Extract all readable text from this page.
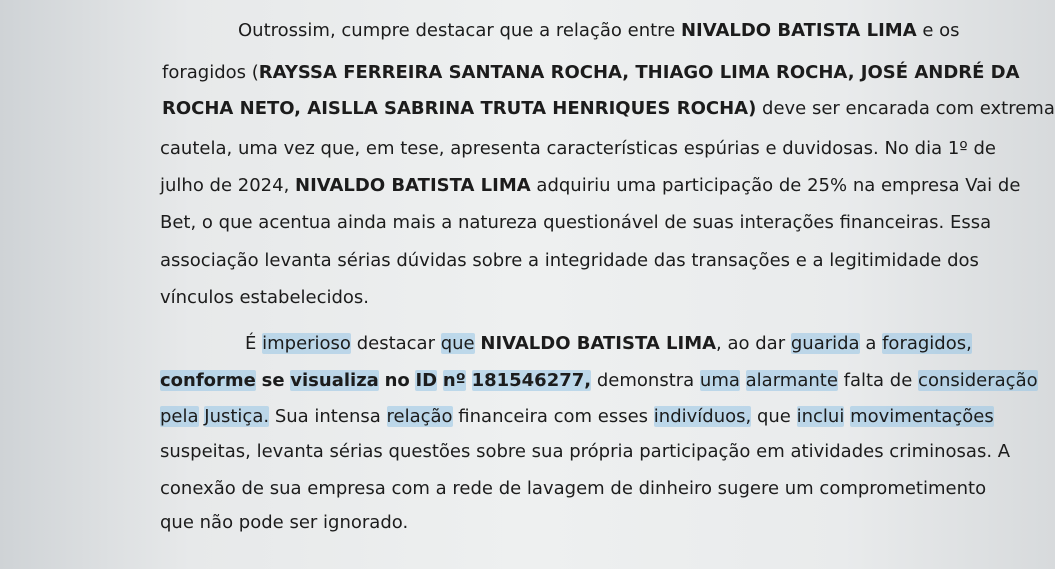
Outrossim, cumpre destacar que a relação entre NIVALDO BATISTA LIMA e os
foragidos (RAYSSA FERREIRA SANTANA ROCHA, THIAGO LIMA ROCHA, JOSÉ ANDRÉ DA
ROCHA NETO, AISLLA SABRINA TRUTA HENRIQUES ROCHA) deve ser encarada com extrema
cautela, uma vez que, em tese, apresenta características espúrias e duvidosas. No dia 1º de
julho de 2024, NIVALDO BATISTA LIMA adquiriu uma participação de 25% na empresa Vai de
Bet, o que acentua ainda mais a natureza questionável de suas interações financeiras. Essa
associação levanta sérias dúvidas sobre a integridade das transações e a legitimidade dos
vínculos estabelecidos.
É imperioso destacar que NIVALDO BATISTA LIMA, ao dar guarida a foragidos,
conforme se visualiza no ID nº 181546277, demonstra uma alarmante falta de consideração
pela Justiça. Sua intensa relação financeira com esses indivíduos, que inclui movimentações
suspeitas, levanta sérias questões sobre sua própria participação em atividades criminosas. A
conexão de sua empresa com a rede de lavagem de dinheiro sugere um comprometimento
que não pode ser ignorado.
